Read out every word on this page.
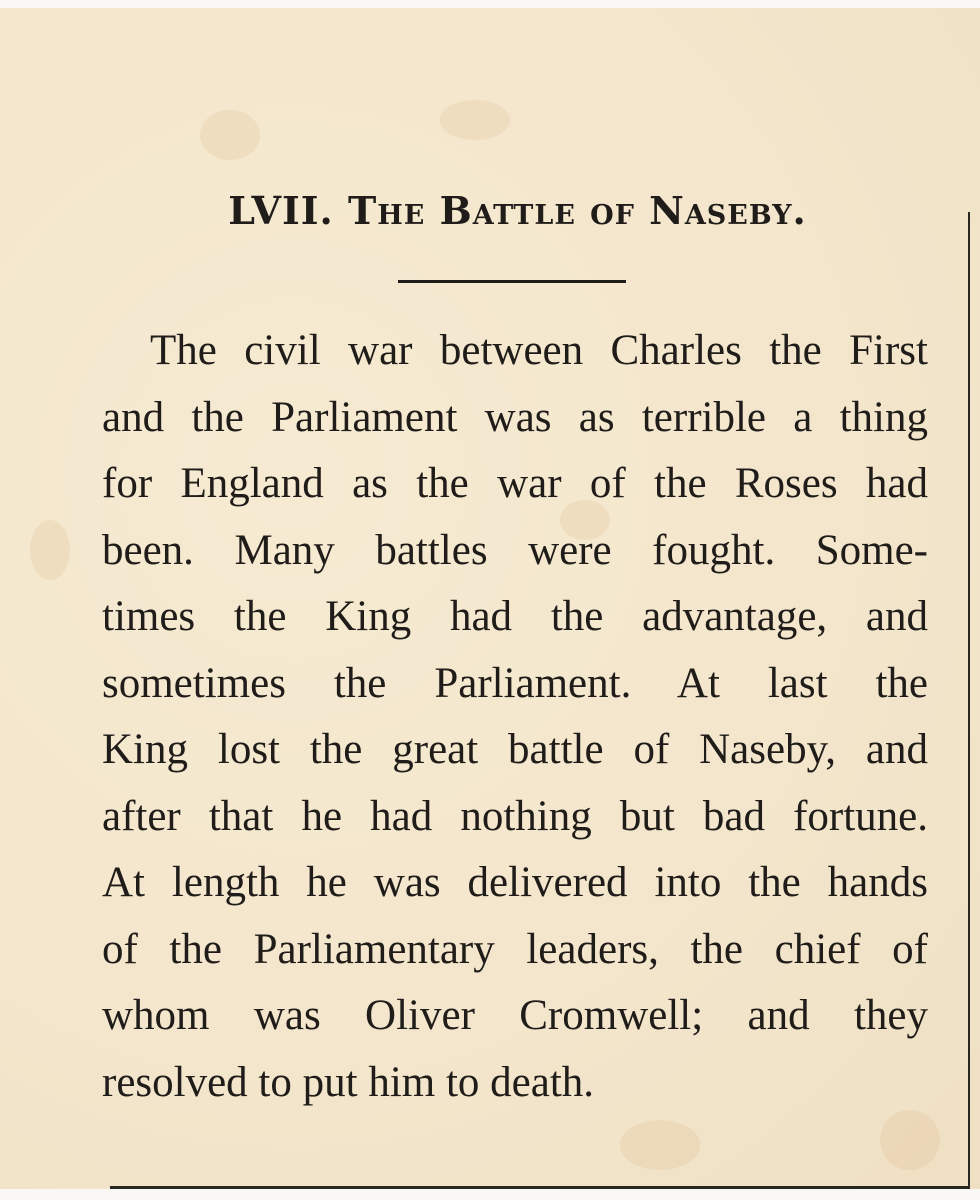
LVII. The Battle of Naseby.
The civil war between Charles the First
and the Parliament was as terrible a thing
for England as the war of the Roses had
been. Many battles were fought. Some-
times the King had the advantage, and
sometimes the Parliament. At last the
King lost the great battle of Naseby, and
after that he had nothing but bad fortune.
At length he was delivered into the hands
of the Parliamentary leaders, the chief of
whom was Oliver Cromwell; and they
resolved to put him to death.
